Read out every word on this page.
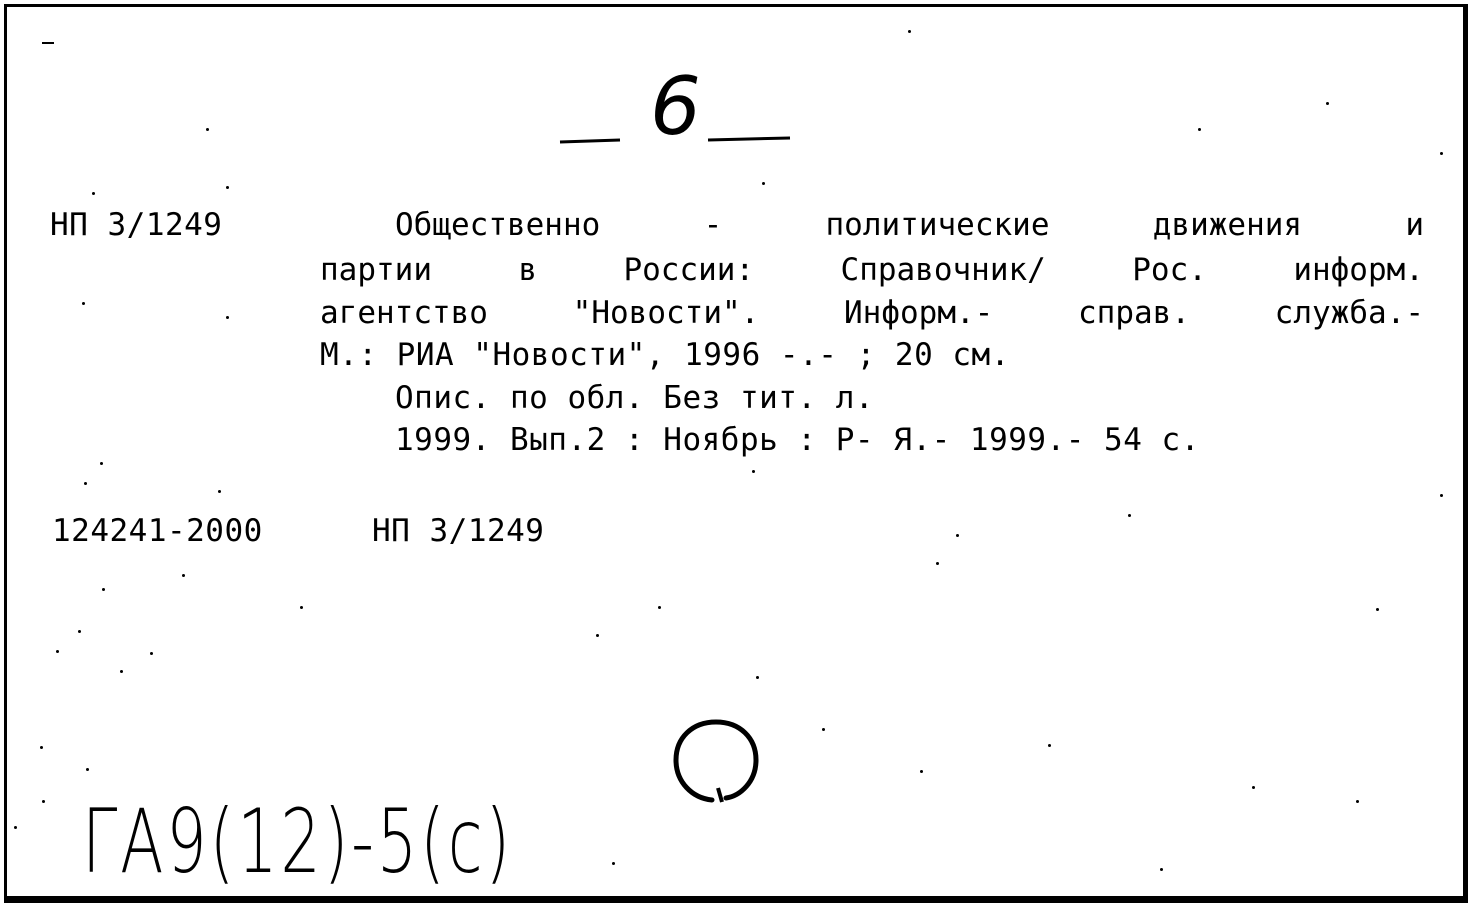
6
НП 3/1249	Общественно	-	политические	движения	и
партии	в	России:	Справочник/	Рос.	информ.
агентство	"Новости".	Информ.-	справ.	служба.-
М.: РИА "Новости", 1996 -.- ; 20 см.
Опис. по обл. Без тит. л.
1999. Вып.2 : Ноябрь : Р- Я.- 1999.- 54 с.
124241-2000	НП 3/1249
ГА9(12)-5(с)
